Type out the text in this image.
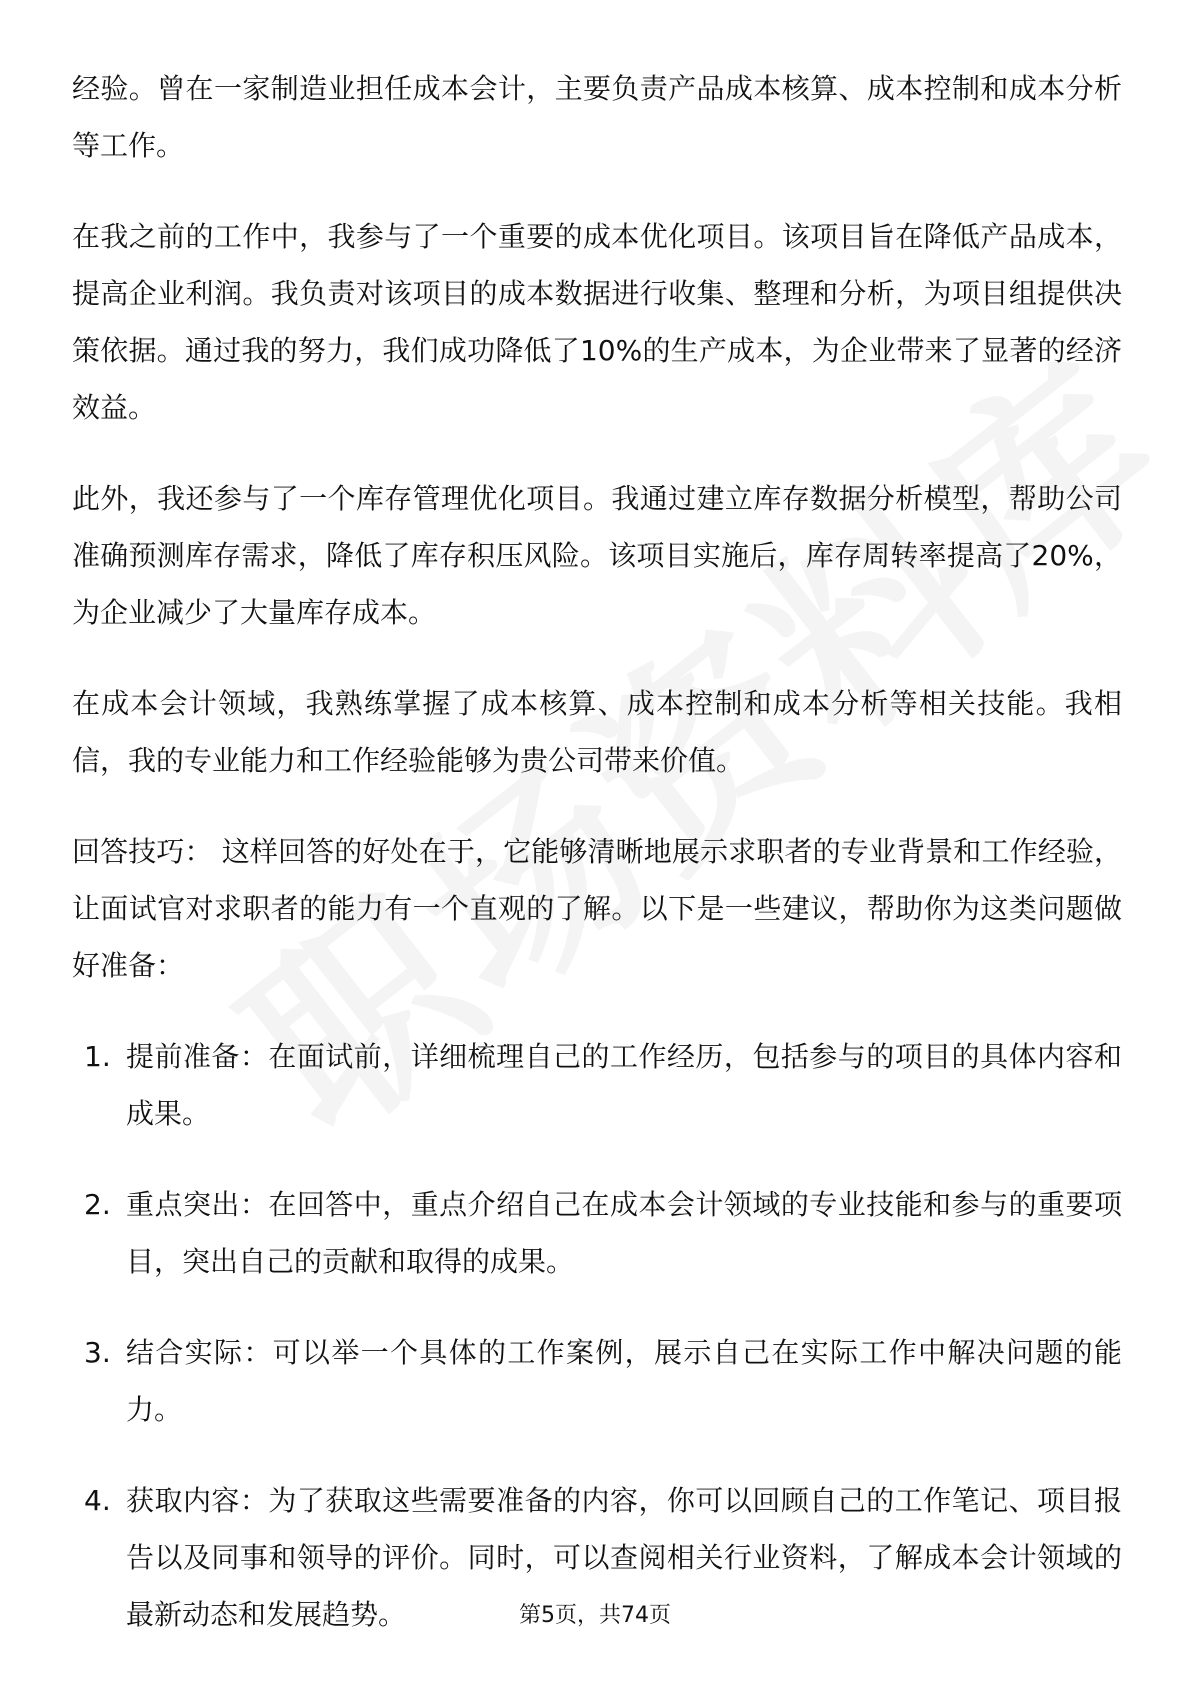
经验。曾在一家制造业担任成本会计，主要负责产品成本核算、成本控制和成本分析等工作。

在我之前的工作中，我参与了一个重要的成本优化项目。该项目旨在降低产品成本，提高企业利润。我负责对该项目的成本数据进行收集、整理和分析，为项目组提供决策依据。通过我的努力，我们成功降低了10%的生产成本，为企业带来了显著的经济效益。

此外，我还参与了一个库存管理优化项目。我通过建立库存数据分析模型，帮助公司准确预测库存需求，降低了库存积压风险。该项目实施后，库存周转率提高了20%，为企业减少了大量库存成本。

在成本会计领域，我熟练掌握了成本核算、成本控制和成本分析等相关技能。我相信，我的专业能力和工作经验能够为贵公司带来价值。

回答技巧： 这样回答的好处在于，它能够清晰地展示求职者的专业背景和工作经验，让面试官对求职者的能力有一个直观的了解。以下是一些建议，帮助你为这类问题做好准备：

1. 提前准备：在面试前，详细梳理自己的工作经历，包括参与的项目的具体内容和成果。
2. 重点突出：在回答中，重点介绍自己在成本会计领域的专业技能和参与的重要项目，突出自己的贡献和取得的成果。
3. 结合实际：可以举一个具体的工作案例，展示自己在实际工作中解决问题的能力。
4. 获取内容：为了获取这些需要准备的内容，你可以回顾自己的工作笔记、项目报告以及同事和领导的评价。同时，可以查阅相关行业资料，了解成本会计领域的最新动态和发展趋势。	第5页，共74页
